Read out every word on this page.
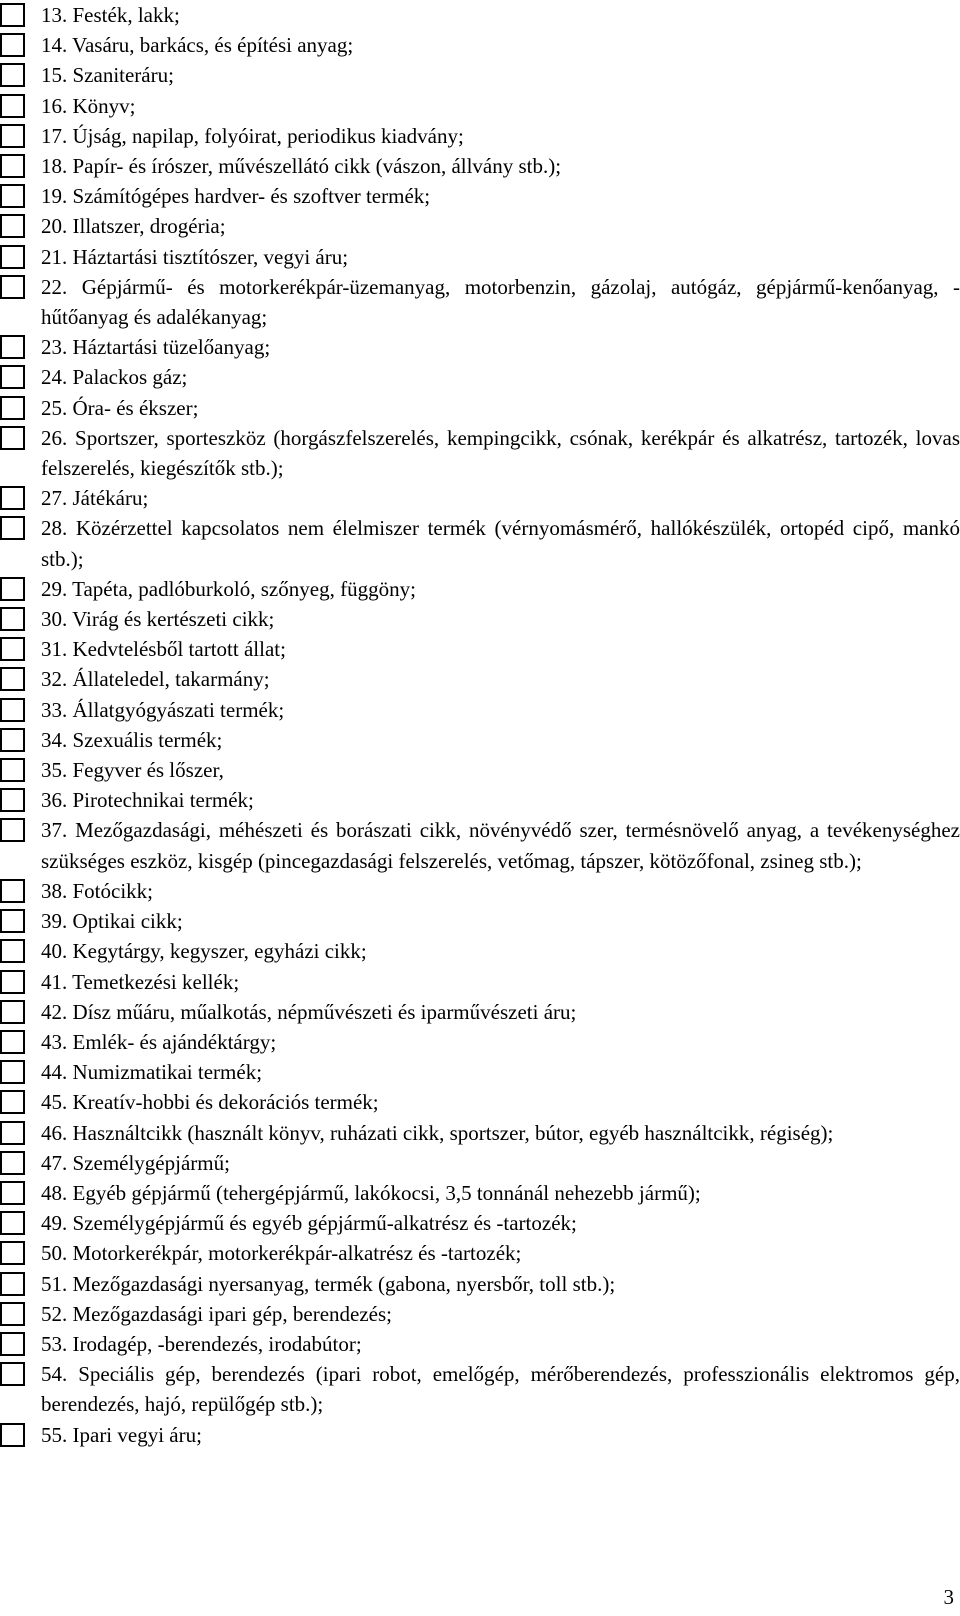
13. Festék, lakk;
14. Vasáru, barkács, és építési anyag;
15. Szaniteráru;
16. Könyv;
17. Újság, napilap, folyóirat, periodikus kiadvány;
18. Papír- és írószer, művészellátó cikk (vászon, állvány stb.);
19. Számítógépes hardver- és szoftver termék;
20. Illatszer, drogéria;
21. Háztartási tisztítószer, vegyi áru;
22. Gépjármű- és motorkerékpár-üzemanyag, motorbenzin, gázolaj, autógáz, gépjármű-kenőanyag, -hűtőanyag és adalékanyag;
23. Háztartási tüzelőanyag;
24. Palackos gáz;
25. Óra- és ékszer;
26. Sportszer, sporteszköz (horgászfelszerelés, kempingcikk, csónak, kerékpár és alkatrész, tartozék, lovas felszerelés, kiegészítők stb.);
27. Játékáru;
28. Közérzettel kapcsolatos nem élelmiszer termék (vérnyomásmérő, hallókészülék, ortopéd cipő, mankó stb.);
29. Tapéta, padlóburkoló, szőnyeg, függöny;
30. Virág és kertészeti cikk;
31. Kedvtelésből tartott állat;
32. Állateledel, takarmány;
33. Állatgyógyászati termék;
34. Szexuális termék;
35. Fegyver és lőszer,
36. Pirotechnikai termék;
37. Mezőgazdasági, méhészeti és borászati cikk, növényvédő szer, termésnövelő anyag, a tevékenységhez szükséges eszköz, kisgép (pincegazdasági felszerelés, vetőmag, tápszer, kötözőfonal, zsineg stb.);
38. Fotócikk;
39. Optikai cikk;
40. Kegytárgy, kegyszer, egyházi cikk;
41. Temetkezési kellék;
42. Dísz műáru, műalkotás, népművészeti és iparművészeti áru;
43. Emlék- és ajándéktárgy;
44. Numizmatikai termék;
45. Kreatív-hobbi és dekorációs termék;
46. Használtcikk (használt könyv, ruházati cikk, sportszer, bútor, egyéb használtcikk, régiség);
47. Személygépjármű;
48. Egyéb gépjármű (tehergépjármű, lakókocsi, 3,5 tonnánál nehezebb jármű);
49. Személygépjármű és egyéb gépjármű-alkatrész és -tartozék;
50. Motorkerékpár, motorkerékpár-alkatrész és -tartozék;
51. Mezőgazdasági nyersanyag, termék (gabona, nyersbőr, toll stb.);
52. Mezőgazdasági ipari gép, berendezés;
53. Irodagép, -berendezés, irodabútor;
54. Speciális gép, berendezés (ipari robot, emelőgép, mérőberendezés, professzionális elektromos gép, berendezés, hajó, repülőgép stb.);
55. Ipari vegyi áru;
3
